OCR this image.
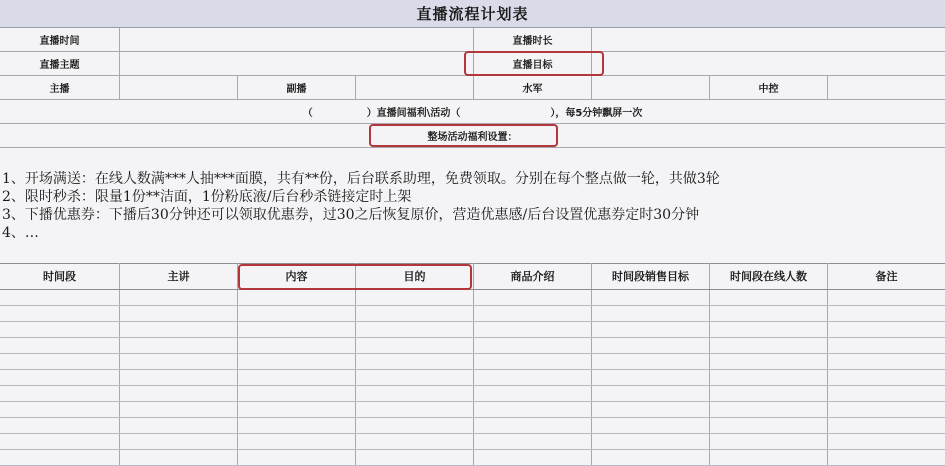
直播流程计划表
直播时间	直播时长
直播主题	直播目标
主播	副播	水军	中控
（	）直播间福利\活动（	），每5分钟飘屏一次
整场活动福利设置：
1、开场满送：在线人数满***人抽***面膜，共有**份，后台联系助理，免费领取。分别在每个整点做一轮，共做3轮
2、限时秒杀：限量1份**洁面，1份粉底液/后台秒杀链接定时上架
3、下播优惠券：下播后30分钟还可以领取优惠券，过30之后恢复原价，营造优惠感/后台设置优惠券定时30分钟
4、…
时间段	主讲	内容	目的	商品介绍	时间段销售目标	时间段在线人数	备注
